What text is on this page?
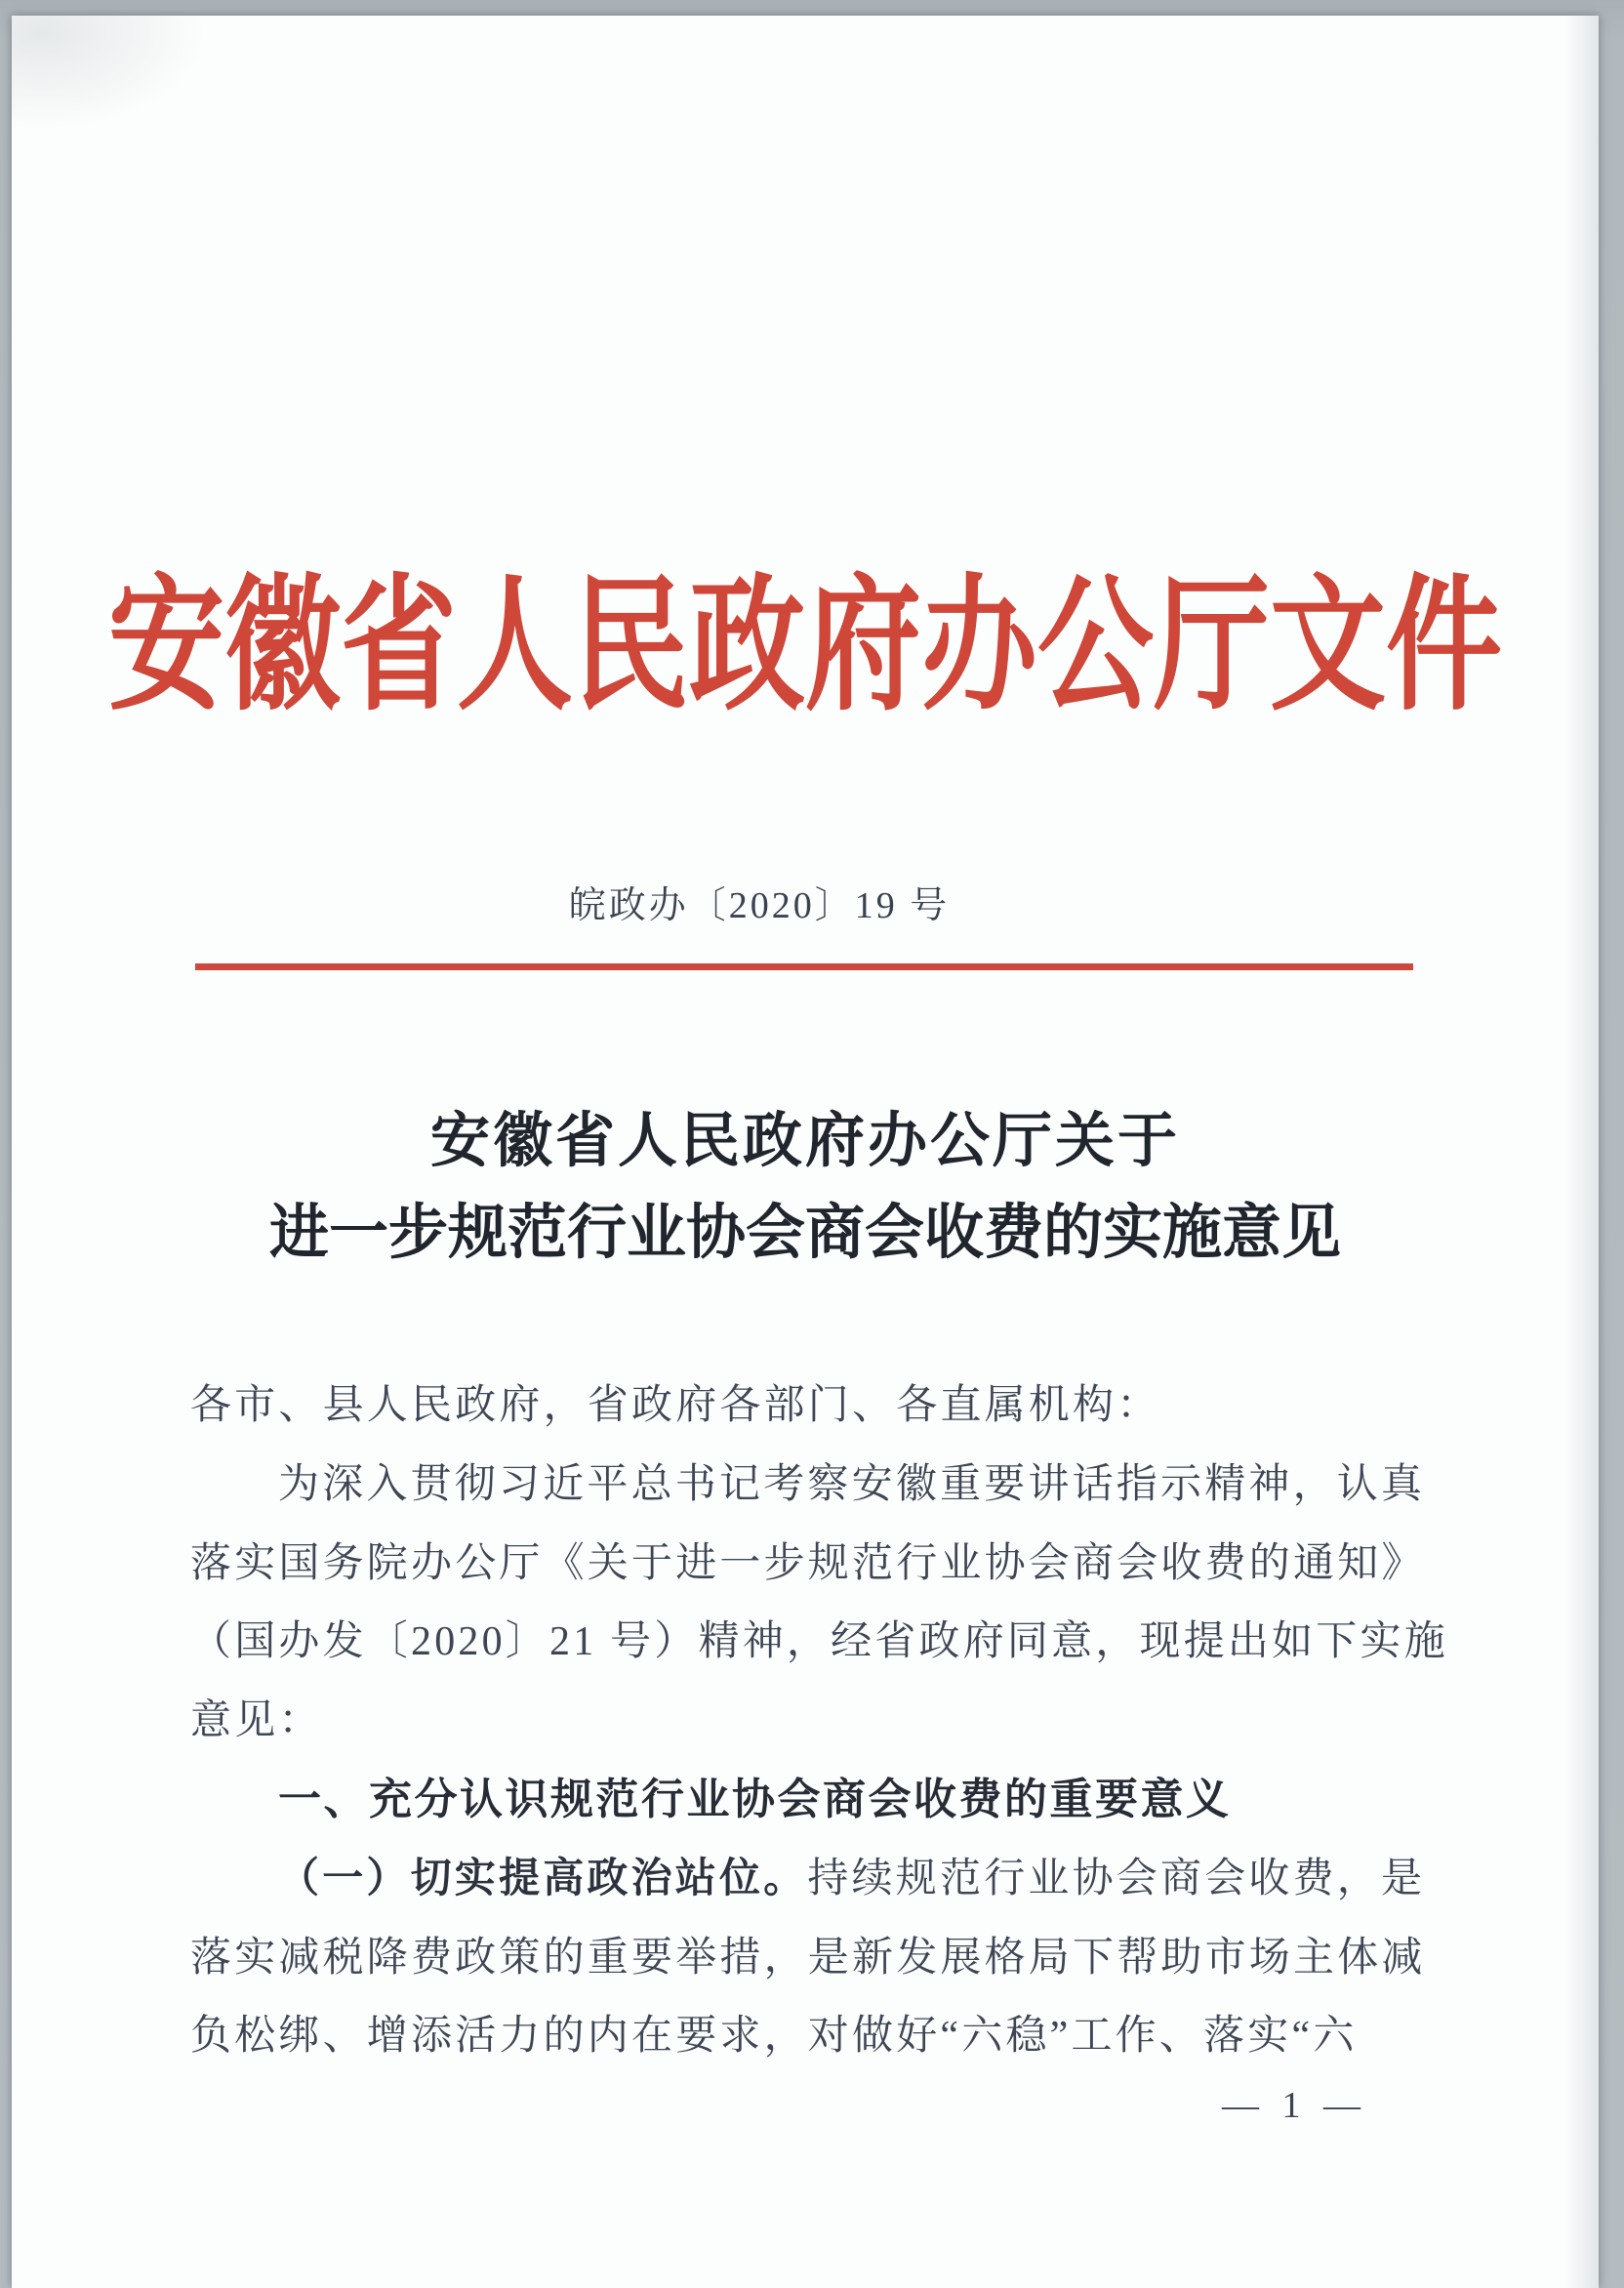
安徽省人民政府办公厅文件
皖政办〔2020〕19 号
安徽省人民政府办公厅关于
进一步规范行业协会商会收费的实施意见
各市、县人民政府，省政府各部门、各直属机构：
为深入贯彻习近平总书记考察安徽重要讲话指示精神，认真
落实国务院办公厅《关于进一步规范行业协会商会收费的通知》
（国办发〔2020〕21 号）精神，经省政府同意，现提出如下实施
意见：
一、充分认识规范行业协会商会收费的重要意义
（一）切实提高政治站位。持续规范行业协会商会收费，是
落实减税降费政策的重要举措，是新发展格局下帮助市场主体减
负松绑、增添活力的内在要求，对做好“六稳”工作、落实“六
— 1 —
